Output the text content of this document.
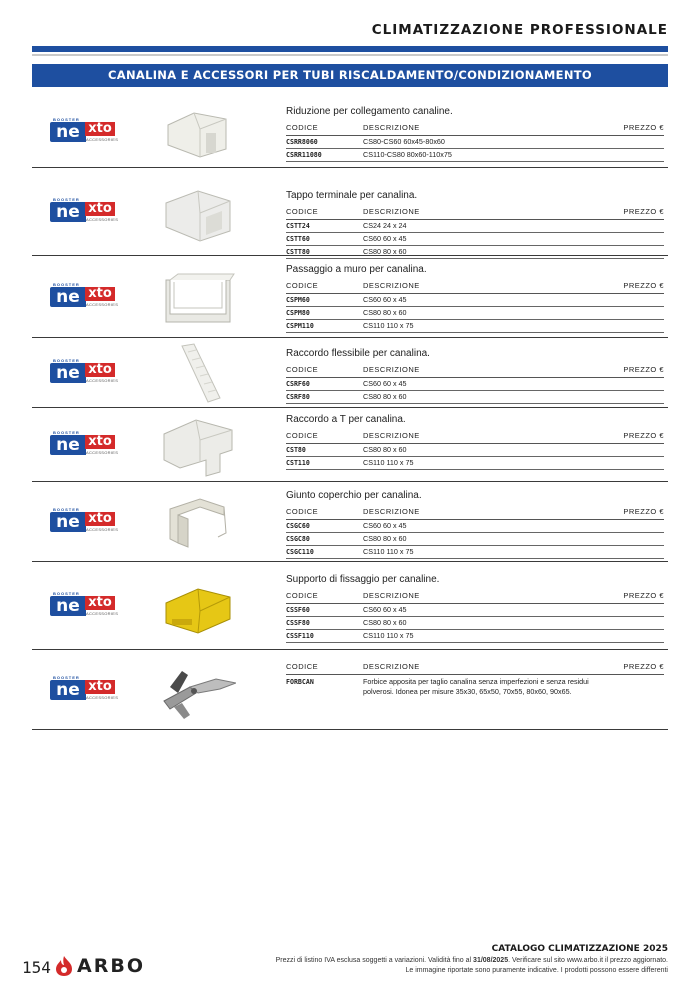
CLIMATIZZAZIONE PROFESSIONALE
CANALINA E ACCESSORI PER TUBI RISCALDAMENTO/CONDIZIONAMENTO
BOOSTER
ne xto
ACCESSORIES
Riduzione per collegamento canaline.
CODICE	DESCRIZIONE	PREZZO €
CSRR8060	CS80-CS60 60x45-80x60
CSRR11080	CS110-CS80 80x60-110x75
BOOSTER
ne xto
ACCESSORIES
Tappo terminale per canalina.
CODICE	DESCRIZIONE	PREZZO €
CSTT24	CS24 24 x 24
CSTT60	CS60 60 x 45
CSTT80	CS80 80 x 60
BOOSTER
ne xto
ACCESSORIES
Passaggio a muro per canalina.
CODICE	DESCRIZIONE	PREZZO €
CSPM60	CS60 60 x 45
CSPM80	CS80 80 x 60
CSPM110	CS110 110 x 75
BOOSTER
ne xto
ACCESSORIES
Raccordo flessibile per canalina.
CODICE	DESCRIZIONE	PREZZO €
CSRF60	CS60 60 x 45
CSRF80	CS80 80 x 60
BOOSTER
ne xto
ACCESSORIES
Raccordo a T per canalina.
CODICE	DESCRIZIONE	PREZZO €
CST80	CS80 80 x 60
CST110	CS110 110 x 75
BOOSTER
ne xto
ACCESSORIES
Giunto coperchio per canalina.
CODICE	DESCRIZIONE	PREZZO €
CSGC60	CS60 60 x 45
CSGC80	CS80 80 x 60
CSGC110	CS110 110 x 75
BOOSTER
ne xto
ACCESSORIES
Supporto di fissaggio per canaline.
CODICE	DESCRIZIONE	PREZZO €
CSSF60	CS60 60 x 45
CSSF80	CS80 80 x 60
CSSF110	CS110 110 x 75
BOOSTER
ne xto
ACCESSORIES
CODICE	DESCRIZIONE	PREZZO €
FORBCAN	Forbice apposita per taglio canalina senza imperfezioni e senza residui polverosi. Idonea per misure 35x30, 65x50, 70x55, 80x60, 90x65.
154 ARBO
CATALOGO CLIMATIZZAZIONE 2025
Prezzi di listino IVA esclusa soggetti a variazioni. Validità fino al 31/08/2025. Verificare sul sito www.arbo.it il prezzo aggiornato.
Le immagine riportate sono puramente indicative. I prodotti possono essere differenti
